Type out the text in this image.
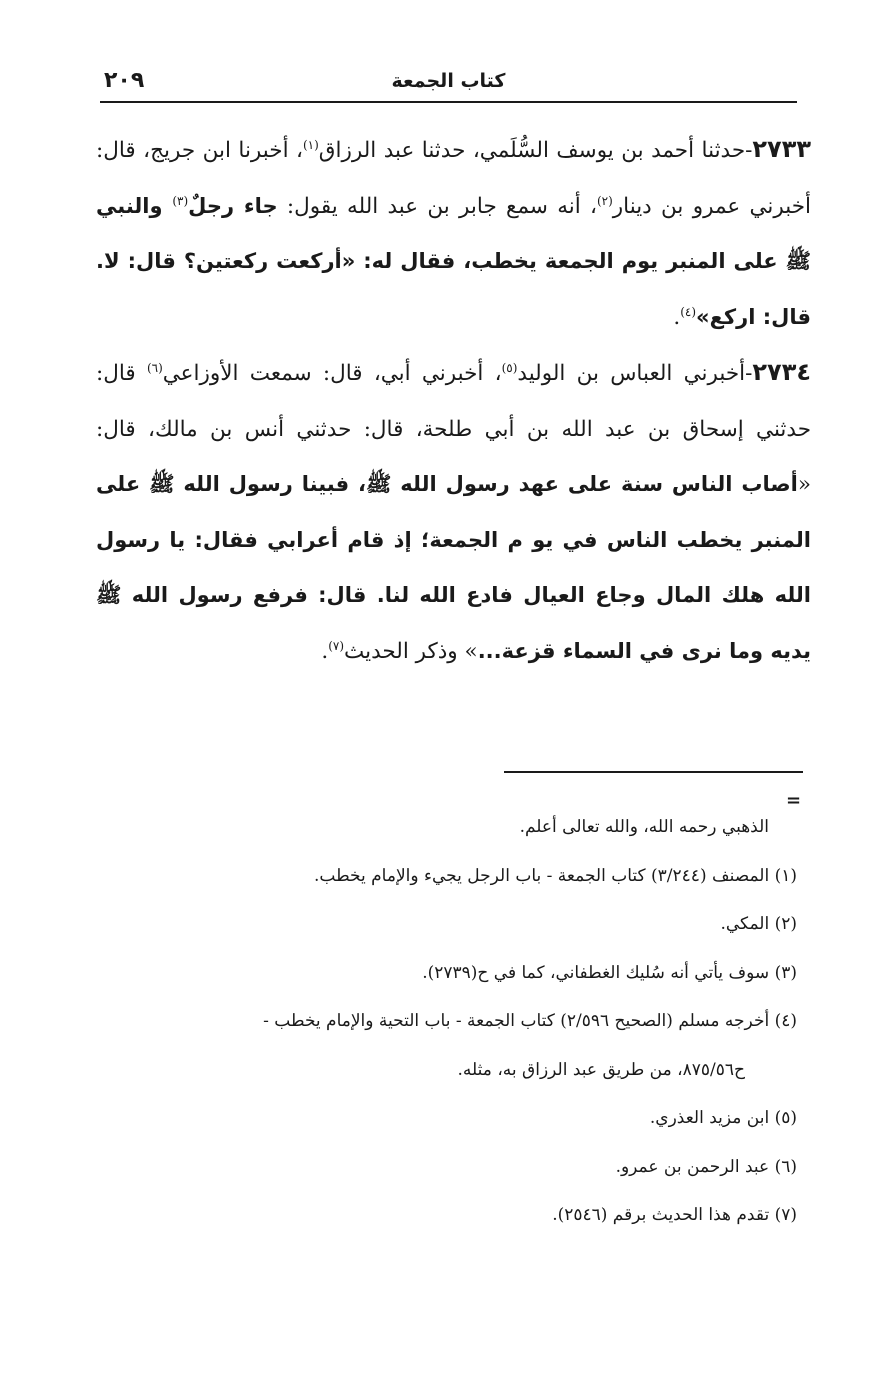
٢٠٩	كتاب الجمعة

٢٧٣٣-حدثنا أحمد بن يوسف السُّلَمي، حدثنا عبد الرزاق$^{(١)}$، أخبرنا ابن جريج، قال: أخبرني عمرو بن دينار$^{(٢)}$، أنه سمع جابر بن عبد الله يقول: جاء رجلٌ$^{(٣)}$ والنبي ﷺ على المنبر يوم الجمعة يخطب، فقال له: «أركعت ركعتين؟ قال: لا. قال: اركع»$^{(٤)}$.

٢٧٣٤-أخبرني العباس بن الوليد$^{(٥)}$، أخبرني أبي، قال: سمعت الأوزاعي$^{(٦)}$ قال: حدثني إسحاق بن عبد الله بن أبي طلحة، قال: حدثني أنس بن مالك، قال: «أصاب الناس سنة على عهد رسول الله ﷺ، فبينا رسول الله ﷺ على المنبر يخطب الناس في يو م الجمعة؛ إذ قام أعرابي فقال: يا رسول الله هلك المال وجاع العيال فادع الله لنا. قال: فرفع رسول الله ﷺ يديه وما نرى في السماء قزعة...» وذكر الحديث$^{(٧)}$.

=

الذهبي رحمه الله، والله تعالى أعلم.

(١) المصنف (٣/٢٤٤) كتاب الجمعة - باب الرجل يجيء والإمام يخطب.

(٢) المكي.

(٣) سوف يأتي أنه سُليك الغطفاني، كما في ح(٢٧٣٩).

(٤) أخرجه مسلم (الصحيح ٢/٥٩٦) كتاب الجمعة - باب التحية والإمام يخطب -

ح٨٧٥/٥٦، من طريق عبد الرزاق به، مثله.

(٥) ابن مزيد العذري.

(٦) عبد الرحمن بن عمرو.

(٧) تقدم هذا الحديث برقم (٢٥٤٦).
